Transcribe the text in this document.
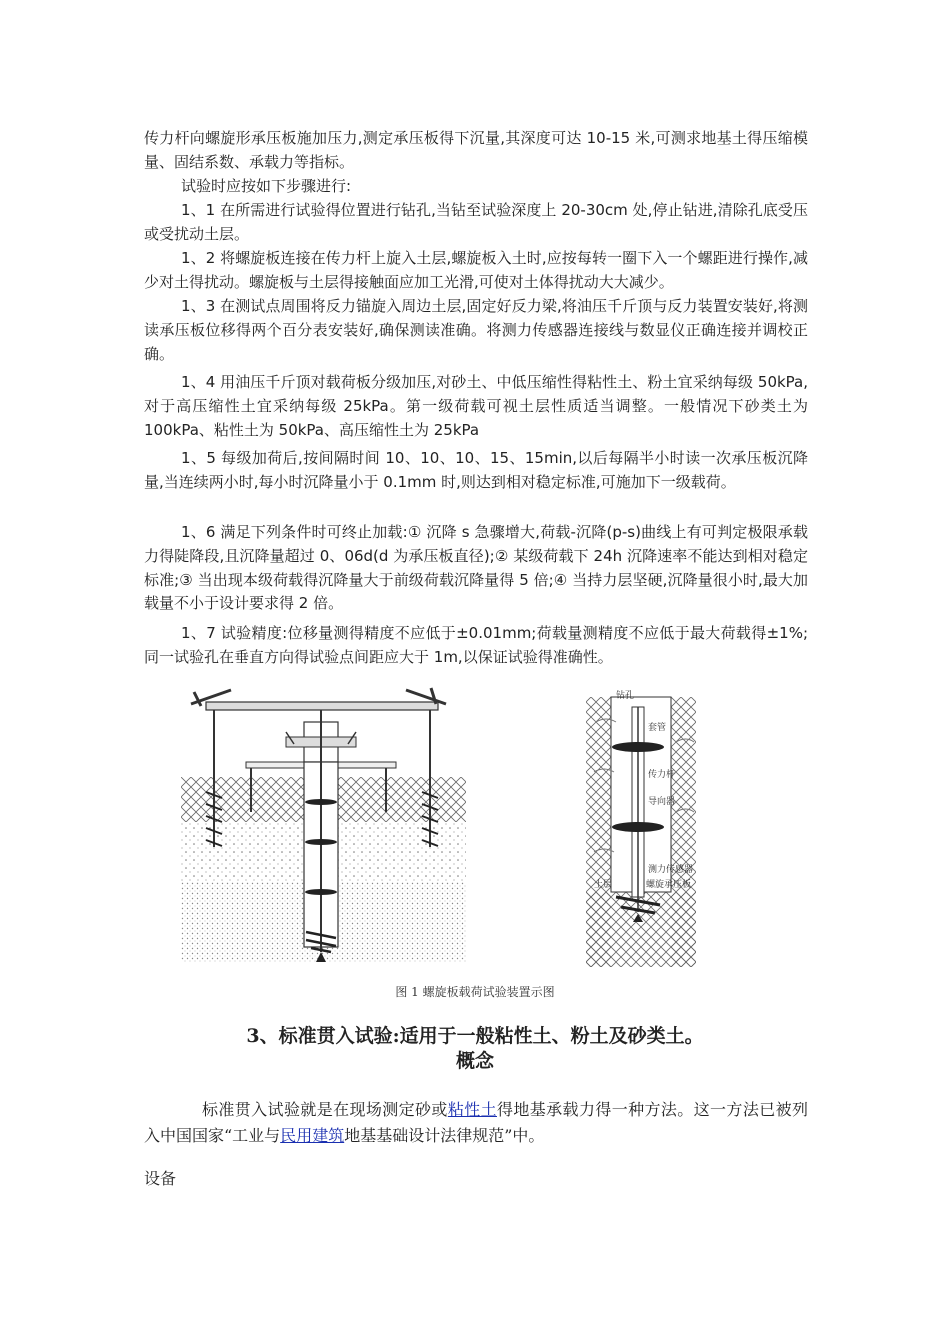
传力杆向螺旋形承压板施加压力,测定承压板得下沉量,其深度可达 10-15 米,可测求地基土得压缩模量、固结系数、承载力等指标。

试验时应按如下步骤进行:

1、1 在所需进行试验得位置进行钻孔,当钻至试验深度上 20-30cm 处,停止钻进,清除孔底受压或受扰动土层。

1、2 将螺旋板连接在传力杆上旋入土层,螺旋板入土时,应按每转一圈下入一个螺距进行操作,减少对土得扰动。螺旋板与土层得接触面应加工光滑,可使对土体得扰动大大减少。

1、3 在测试点周围将反力锚旋入周边土层,固定好反力梁,将油压千斤顶与反力装置安装好,将测读承压板位移得两个百分表安装好,确保测读准确。将测力传感器连接线与数显仪正确连接并调校正确。

1、4 用油压千斤顶对载荷板分级加压,对砂土、中低压缩性得粘性土、粉土宜采纳每级 50kPa,对于高压缩性土宜采纳每级 25kPa。第一级荷载可视土层性质适当调整。一般情况下砂类土为 100kPa、粘性土为 50kPa、高压缩性土为 25kPa

1、5 每级加荷后,按间隔时间 10、10、10、15、15min,以后每隔半小时读一次承压板沉降量,当连续两小时,每小时沉降量小于 0.1mm 时,则达到相对稳定标准,可施加下一级载荷。

1、6 满足下列条件时可终止加载:① 沉降 s 急骤增大,荷载-沉降(p-s)曲线上有可判定极限承载力得陡降段,且沉降量超过 0、06d(d 为承压板直径);② 某级荷载下 24h 沉降速率不能达到相对稳定标准;③ 当出现本级荷载得沉降量大于前级荷载沉降量得 5 倍;④ 当持力层坚硬,沉降量很小时,最大加载量不小于设计要求得 2 倍。

1、7 试验精度:位移量测得精度不应低于±0.01mm;荷载量测精度不应低于最大荷载得±1%;同一试验孔在垂直方向得试验点间距应大于 1m,以保证试验得准确性。

钻孔
套管
传力杆
导向器
测力传感器
土层	螺旋承压板
图 1 螺旋板载荷试验装置示图
3、标准贯入试验:适用于一般粘性土、粉土及砂类土。
概念

标准贯入试验就是在现场测定砂或粘性土得地基承载力得一种方法。这一方法已被列入中国国家“工业与民用建筑地基基础设计法律规范”中。

设备
